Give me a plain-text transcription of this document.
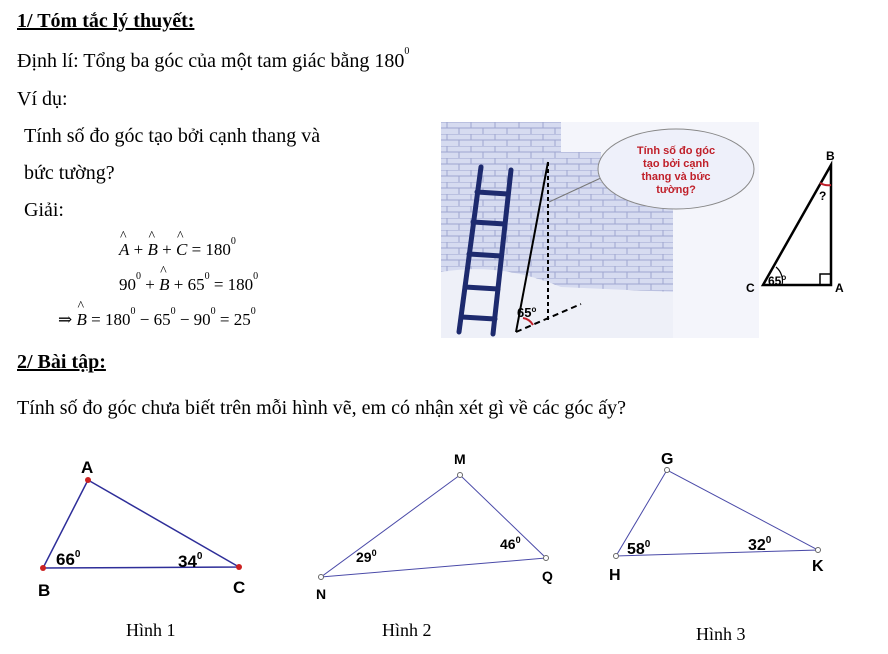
1/ Tóm tắc lý thuyết:
Định lí: Tổng ba góc của một tam giác bằng $180^0$
Ví dụ:
Tính số đo góc tạo bởi cạnh thang và
bức tường?
Giải:
^ A + ^ B + ^ $C = 180^0$
$90^0$ + ^ $B + 65^0 = 180^0$
⇒ ^ $B = 180^0 - 65^0 - 90^0 = 25^0$	65$^o$
Tính số đo góc
tạo bởi cạnh
thang và bức
tường?
B
C	A
?
65$^o$
2/ Bài tập:
Tính số đo góc chưa biết trên mỗi hình vẽ, em có nhận xét gì về các góc ấy?
A
B	C
$66^0$	$34^0$
M
N
Q
$29^0$
$46^0$
G
H
K
$58^0$	$32^0$
Hình 1	Hình 2	Hình 3
